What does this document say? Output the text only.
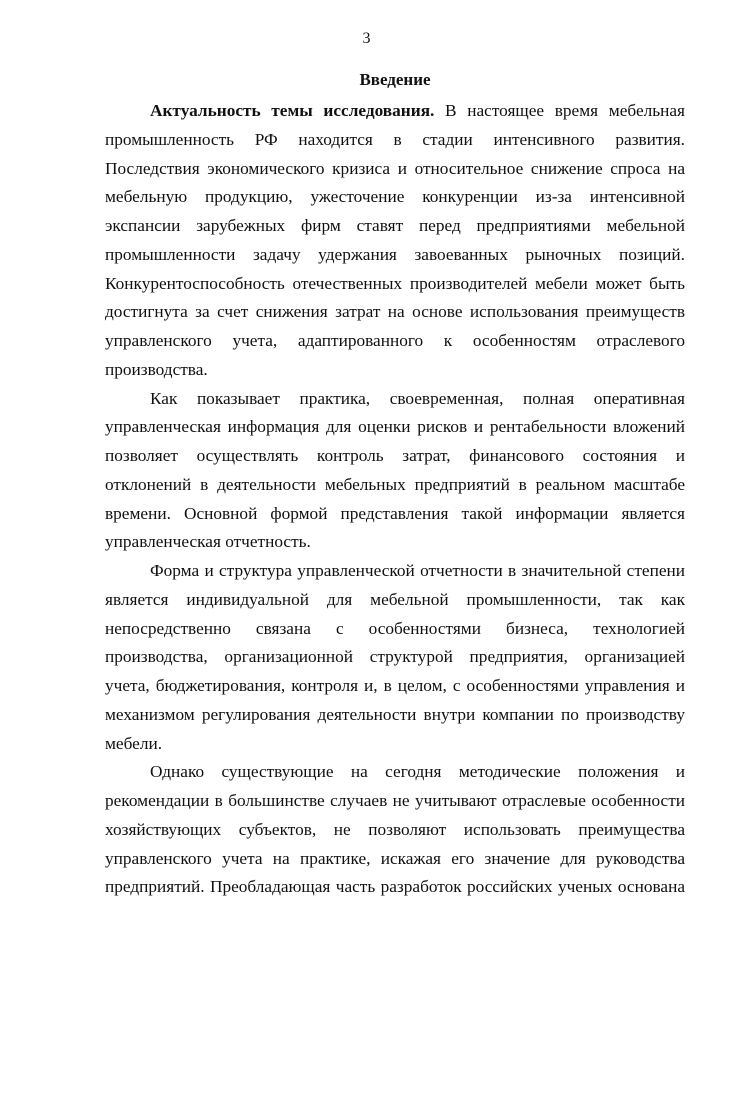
3
Введение
Актуальность темы исследования. В настоящее время мебельная
промышленность РФ находится в стадии интенсивного развития.
Последствия экономического кризиса и относительное снижение спроса на
мебельную продукцию, ужесточение конкуренции из-за интенсивной
экспансии зарубежных фирм ставят перед предприятиями мебельной
промышленности задачу удержания завоеванных рыночных позиций.
Конкурентоспособность отечественных производителей мебели может быть
достигнута за счет снижения затрат на основе использования преимуществ
управленского учета, адаптированного к особенностям отраслевого
производства.
Как показывает практика, своевременная, полная оперативная
управленческая информация для оценки рисков и рентабельности вложений
позволяет осуществлять контроль затрат, финансового состояния и
отклонений в деятельности мебельных предприятий в реальном масштабе
времени. Основной формой представления такой информации является
управленческая отчетность.
Форма и структура управленческой отчетности в значительной степени
является индивидуальной для мебельной промышленности, так как
непосредственно связана с особенностями бизнеса, технологией
производства, организационной структурой предприятия, организацией
учета, бюджетирования, контроля и, в целом, с особенностями управления и
механизмом регулирования деятельности внутри компании по производству
мебели.
Однако существующие на сегодня методические положения и
рекомендации в большинстве случаев не учитывают отраслевые особенности
хозяйствующих субъектов, не позволяют использовать преимущества
управленского учета на практике, искажая его значение для руководства
предприятий. Преобладающая часть разработок российских ученых основана
